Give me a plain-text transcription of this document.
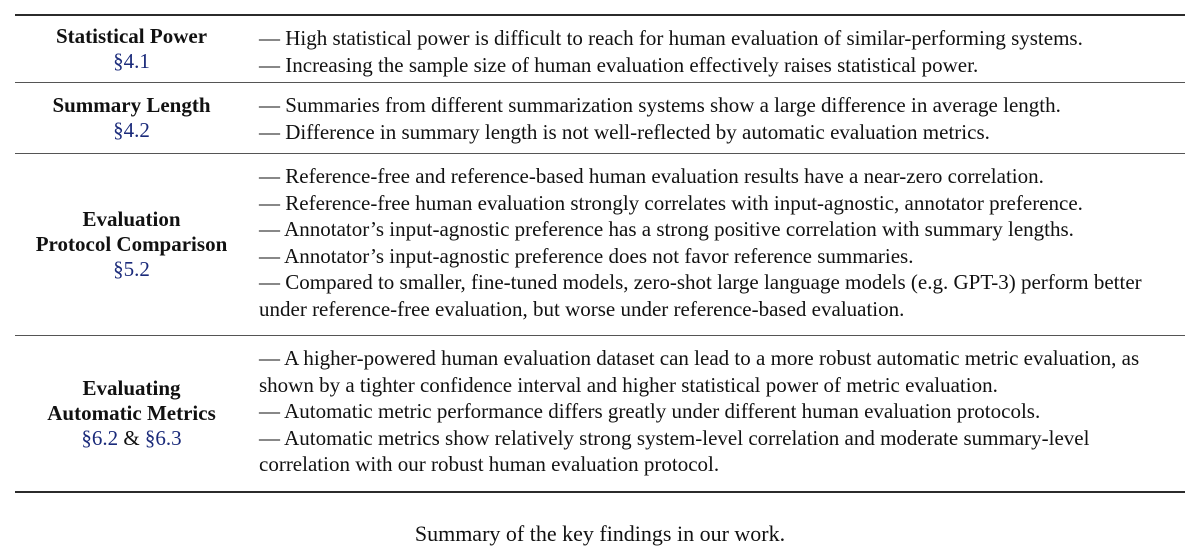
Statistical Power
§4.1
— High statistical power is difficult to reach for human evaluation of similar-performing systems.
— Increasing the sample size of human evaluation effectively raises statistical power.
Summary Length
§4.2
— Summaries from different summarization systems show a large difference in average length.
— Difference in summary length is not well-reflected by automatic evaluation metrics.
Evaluation
Protocol Comparison
§5.2
— Reference-free and reference-based human evaluation results have a near-zero correlation.
— Reference-free human evaluation strongly correlates with input-agnostic, annotator preference.
— Annotator’s input-agnostic preference has a strong positive correlation with summary lengths.
— Annotator’s input-agnostic preference does not favor reference summaries.
— Compared to smaller, fine-tuned models, zero-shot large language models (e.g. GPT-3) perform better under reference-free evaluation, but worse under reference-based evaluation.
Evaluating
Automatic Metrics
§6.2 & §6.3
— A higher-powered human evaluation dataset can lead to a more robust automatic metric evaluation, as shown by a tighter confidence interval and higher statistical power of metric evaluation.
— Automatic metric performance differs greatly under different human evaluation protocols.
— Automatic metrics show relatively strong system-level correlation and moderate summary-level correlation with our robust human evaluation protocol.
Summary of the key findings in our work.
